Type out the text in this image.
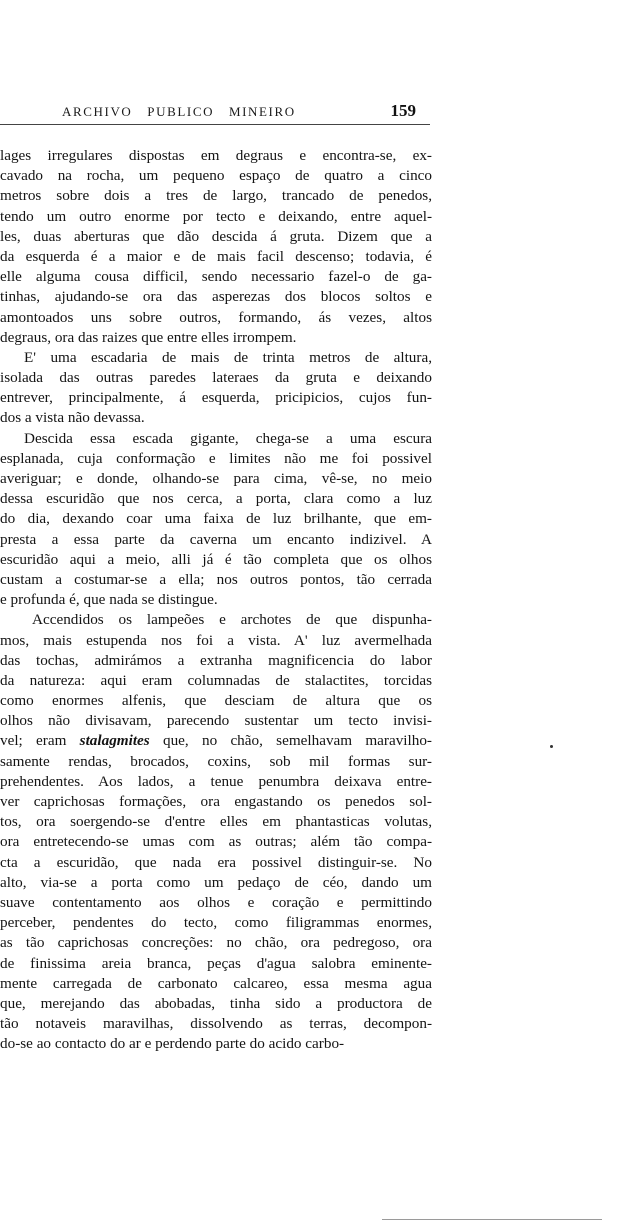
ARCHIVO PUBLICO MINEIRO	159
lages irregulares dispostas em degraus e encontra-se, ex-
cavado na rocha, um pequeno espaço de quatro a cinco
metros sobre dois a tres de largo, trancado de penedos,
tendo um outro enorme por tecto e deixando, entre aquel-
les, duas aberturas que dão descida á gruta. Dizem que a
da esquerda é a maior e de mais facil descenso; todavia, é
elle alguma cousa difficil, sendo necessario fazel-o de ga-
tinhas, ajudando-se ora das asperezas dos blocos soltos e
amontoados uns sobre outros, formando, ás vezes, altos
degraus, ora das raizes que entre elles irrompem.
E' uma escadaria de mais de trinta metros de altura,
isolada das outras paredes lateraes da gruta e deixando
entrever, principalmente, á esquerda, pricipicios, cujos fun-
dos a vista não devassa.
Descida essa escada gigante, chega-se a uma escura
esplanada, cuja conformação e limites não me foi possivel
averiguar; e donde, olhando-se para cima, vê-se, no meio
dessa escuridão que nos cerca, a porta, clara como a luz
do dia, dexando coar uma faixa de luz brilhante, que em-
presta a essa parte da caverna um encanto indizivel. A
escuridão aqui a meio, alli já é tão completa que os olhos
custam a costumar-se a ella; nos outros pontos, tão cerrada
e profunda é, que nada se distingue.
Accendidos os lampeões e archotes de que dispunha-
mos, mais estupenda nos foi a vista. A' luz avermelhada
das tochas, admirámos a extranha magnificencia do labor
da natureza: aqui eram columnadas de stalactites, torcidas
como enormes alfenis, que desciam de altura que os
olhos não divisavam, parecendo sustentar um tecto invisi-
vel; eram stalagmites que, no chão, semelhavam maravilho-
samente rendas, brocados, coxins, sob mil formas sur-
prehendentes. Aos lados, a tenue penumbra deixava entre-
ver caprichosas formações, ora engastando os penedos sol-
tos, ora soergendo-se d'entre elles em phantasticas volutas,
ora entretecendo-se umas com as outras; além tão compa-
cta a escuridão, que nada era possivel distinguir-se. No
alto, via-se a porta como um pedaço de céo, dando um
suave contentamento aos olhos e coração e permittindo
perceber, pendentes do tecto, como filigrammas enormes,
as tão caprichosas concreções: no chão, ora pedregoso, ora
de finissima areia branca, peças d'agua salobra eminente-
mente carregada de carbonato calcareo, essa mesma agua
que, merejando das abobadas, tinha sido a productora de
tão notaveis maravilhas, dissolvendo as terras, decompon-
do-se ao contacto do ar e perdendo parte do acido carbo-
